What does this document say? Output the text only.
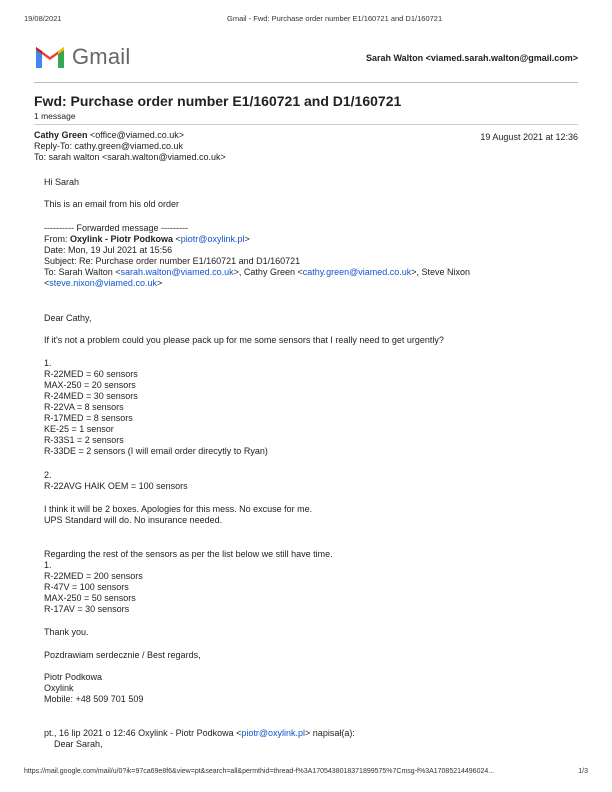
19/08/2021	Gmail - Fwd: Purchase order number E1/160721 and D1/160721
Gmail	Sarah Walton <viamed.sarah.walton@gmail.com>
Fwd: Purchase order number E1/160721 and D1/160721
1 message
Cathy Green <office@viamed.co.uk>	19 August 2021 at 12:36
Reply-To: cathy.green@viamed.co.uk
To: sarah walton <sarah.walton@viamed.co.uk>
Hi Sarah
This is an email from his old order
---------- Forwarded message ---------
From: Oxylink - Piotr Podkowa <piotr@oxylink.pl>
Date: Mon, 19 Jul 2021 at 15:56
Subject: Re: Purchase order number E1/160721 and D1/160721
To: Sarah Walton <sarah.walton@viamed.co.uk>, Cathy Green <cathy.green@viamed.co.uk>, Steve Nixon
<steve.nixon@viamed.co.uk>
Dear Cathy,
If it's not a problem could you please pack up for me some sensors that I really need to get urgently?
1.
R-22MED = 60 sensors
MAX-250 = 20 sensors
R-24MED = 30 sensors
R-22VA = 8 sensors
R-17MED = 8 sensors
KE-25 = 1 sensor
R-33S1 = 2 sensors
R-33DE = 2 sensors (I will email order direcytly to Ryan)
2.
R-22AVG HAIK OEM = 100 sensors
I think it will be 2 boxes. Apologies for this mess. No excuse for me.
UPS Standard will do. No insurance needed.
Regarding the rest of the sensors as per the list below we still have time.
1.
R-22MED = 200 sensors
R-47V = 100 sensors
MAX-250 = 50 sensors
R-17AV = 30 sensors
Thank you.
Pozdrawiam serdecznie / Best regards,
Piotr Podkowa
Oxylink
Mobile: +48 509 701 509
pt., 16 lip 2021 o 12:46 Oxylink - Piotr Podkowa <piotr@oxylink.pl> napisał(a):
Dear Sarah,
https://mail.google.com/mail/u/0?ik=97ca69e8f6&view=pt&search=all&permthid=thread-f%3A1705438018371899575%7Cmsg-f%3A17085214496024...	1/3
